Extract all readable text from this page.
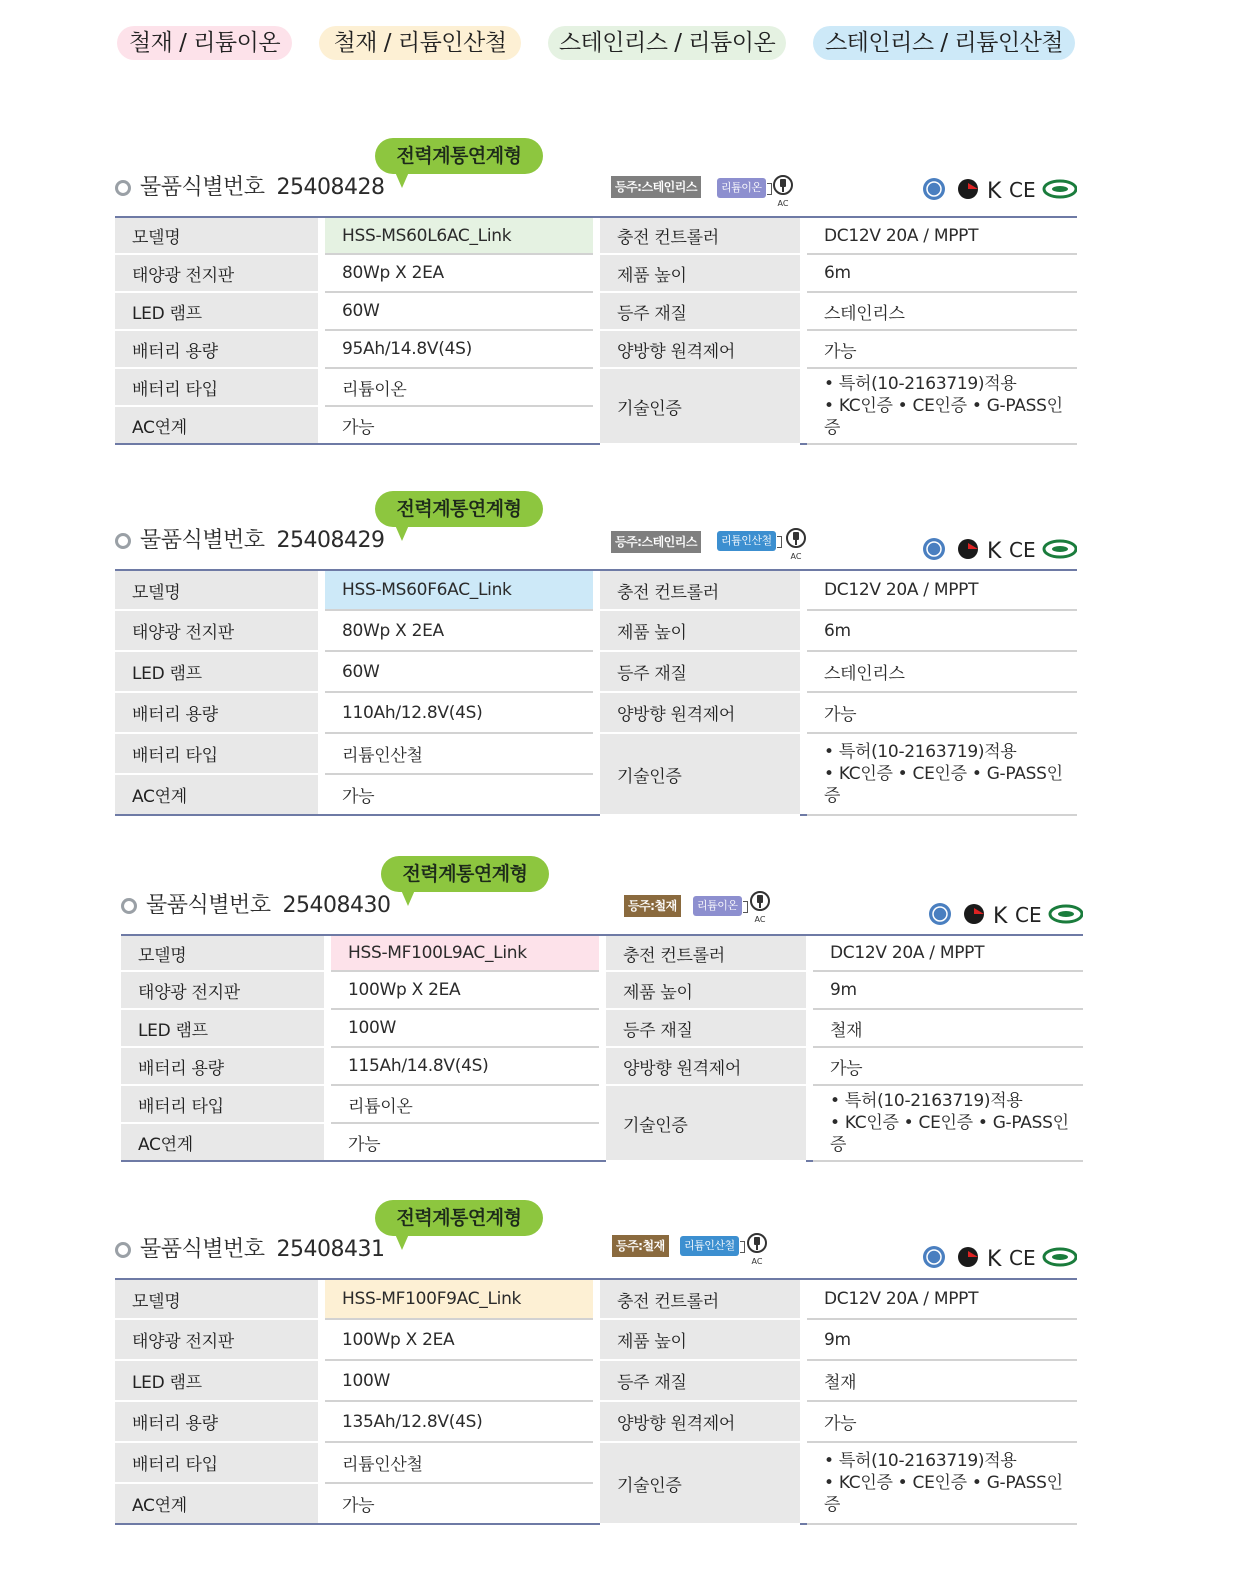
철재 / 리튬이온	철재 / 리튬인산철	스테인리스 / 리튬이온	스테인리스 / 리튬인산철
물품식별번호 25408428
전력계통연계형
등주:스테인리스	리튬이온
AC	K CE
모델명		HSS-MS60L6AC_Link		충전 컨트롤러		DC12V 20A / MPPT
태양광 전지판		80Wp X 2EA		제품 높이		6m
LED 램프		60W		등주 재질		스테인리스
배터리 용량		95Ah/14.8V(4S)		양방향 원격제어		가능
배터리 타입		리튬이온		기술인증		• 특허(10-2163719)적용
• KC인증 • CE인증 • G-PASS인증

AC연계		가능				
물품식별번호 25408429
전력계통연계형
등주:스테인리스	리튬인산철
AC	K CE
모델명		HSS-MS60F6AC_Link		충전 컨트롤러		DC12V 20A / MPPT
태양광 전지판		80Wp X 2EA		제품 높이		6m
LED 램프		60W		등주 재질		스테인리스
배터리 용량		110Ah/12.8V(4S)		양방향 원격제어		가능
배터리 타입		리튬인산철		기술인증		• 특허(10-2163719)적용
• KC인증 • CE인증 • G-PASS인증

AC연계		가능				
물품식별번호 25408430
전력계통연계형
등주:철재	리튬이온
AC	K CE
모델명		HSS-MF100L9AC_Link		충전 컨트롤러		DC12V 20A / MPPT
태양광 전지판		100Wp X 2EA		제품 높이		9m
LED 램프		100W		등주 재질		철재
배터리 용량		115Ah/14.8V(4S)		양방향 원격제어		가능
배터리 타입		리튬이온		기술인증		• 특허(10-2163719)적용
• KC인증 • CE인증 • G-PASS인증

AC연계		가능				
물품식별번호 25408431
전력계통연계형
등주:철재	리튬인산철
AC	K CE
모델명		HSS-MF100F9AC_Link		충전 컨트롤러		DC12V 20A / MPPT
태양광 전지판		100Wp X 2EA		제품 높이		9m
LED 램프		100W		등주 재질		철재
배터리 용량		135Ah/12.8V(4S)		양방향 원격제어		가능
배터리 타입		리튬인산철		기술인증		• 특허(10-2163719)적용
• KC인증 • CE인증 • G-PASS인증

AC연계		가능				
